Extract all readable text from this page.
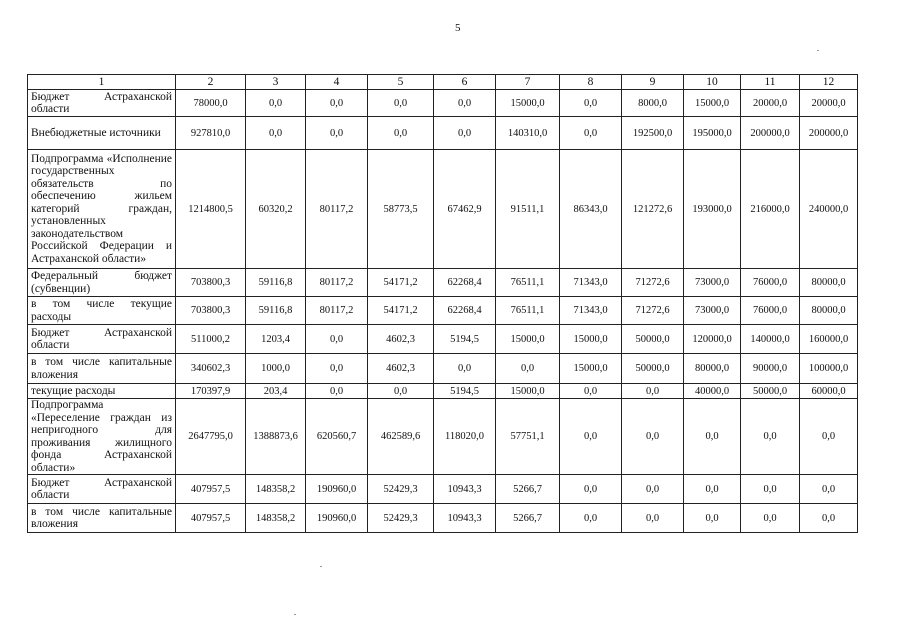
5
1	2	3	4	5	6	7	8	9	10	11	12
Бюджет Астраханской области	78000,0	0,0	0,0	0,0	0,0	15000,0	0,0	8000,0	15000,0	20000,0	20000,0
Внебюджетные источники	927810,0	0,0	0,0	0,0	0,0	140310,0	0,0	192500,0	195000,0	200000,0	200000,0
Подпрограмма «Исполнение государственных обязательств по обеспечению жильем категорий граждан, установленных законодательством Российской Федерации и Астраханской области»	1214800,5	60320,2	80117,2	58773,5	67462,9	91511,1	86343,0	121272,6	193000,0	216000,0	240000,0
Федеральный бюджет (субвенции)	703800,3	59116,8	80117,2	54171,2	62268,4	76511,1	71343,0	71272,6	73000,0	76000,0	80000,0
в том числе текущие расходы	703800,3	59116,8	80117,2	54171,2	62268,4	76511,1	71343,0	71272,6	73000,0	76000,0	80000,0
Бюджет Астраханской области	511000,2	1203,4	0,0	4602,3	5194,5	15000,0	15000,0	50000,0	120000,0	140000,0	160000,0
в том числе капитальные вложения	340602,3	1000,0	0,0	4602,3	0,0	0,0	15000,0	50000,0	80000,0	90000,0	100000,0
текущие расходы	170397,9	203,4	0,0	0,0	5194,5	15000,0	0,0	0,0	40000,0	50000,0	60000,0
Подпрограмма «Переселение граждан из непригодного для проживания жилищного фонда Астраханской области»	2647795,0	1388873,6	620560,7	462589,6	118020,0	57751,1	0,0	0,0	0,0	0,0	0,0
Бюджет Астраханской области	407957,5	148358,2	190960,0	52429,3	10943,3	5266,7	0,0	0,0	0,0	0,0	0,0
в том числе капитальные вложения	407957,5	148358,2	190960,0	52429,3	10943,3	5266,7	0,0	0,0	0,0	0,0	0,0
